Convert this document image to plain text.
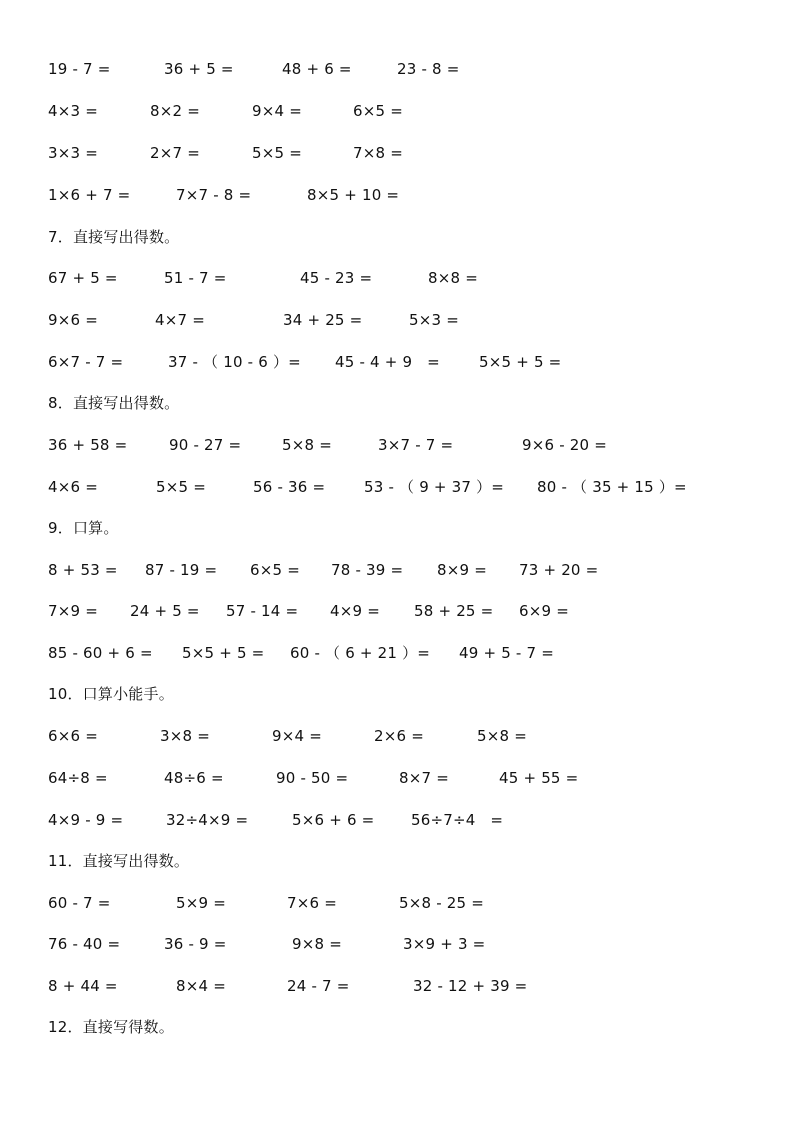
19 - 7 =	36 + 5 =	48 + 6 =	23 - 8 =
4×3 =	8×2 =	9×4 =	6×5 =
3×3 =	2×7 =	5×5 =	7×8 =
1×6 + 7 =	7×7 - 8 =	8×5 + 10 =
7．直接写出得数。
67 + 5 =	51 - 7 =	45 - 23 =	8×8 =
9×6 =	4×7 =	34 + 25 =	5×3 =
6×7 - 7 =	37 - （ 10 - 6 ）= 45 - 4 + 9   =	5×5 + 5 =
8．直接写出得数。
36 + 58 =	90 - 27 =	5×8 =	3×7 - 7 =	9×6 - 20 =
4×6 =	5×5 =	56 - 36 =	53 - （ 9 + 37 ）= 80 - （ 35 + 15 ）=
9．口算。
8 + 53 = 87 - 19 = 6×5 = 78 - 39 = 8×9 = 73 + 20 =
7×9 = 24 + 5 = 57 - 14 = 4×9 = 58 + 25 = 6×9 =
85 - 60 + 6 = 5×5 + 5 = 60 - （ 6 + 21 ）= 49 + 5 - 7 =
10．口算小能手。
6×6 =	3×8 =	9×4 =	2×6 =	5×8 =
64÷8 =	48÷6 =	90 - 50 =	8×7 =	45 + 55 =
4×9 - 9 =	32÷4×9 =	5×6 + 6 = 56÷7÷4   =
11．直接写出得数。
60 - 7 =	5×9 =	7×6 =	5×8 - 25 =
76 - 40 =	36 - 9 =	9×8 =	3×9 + 3 =
8 + 44 =	8×4 =	24 - 7 =	32 - 12 + 39 =
12．直接写得数。
